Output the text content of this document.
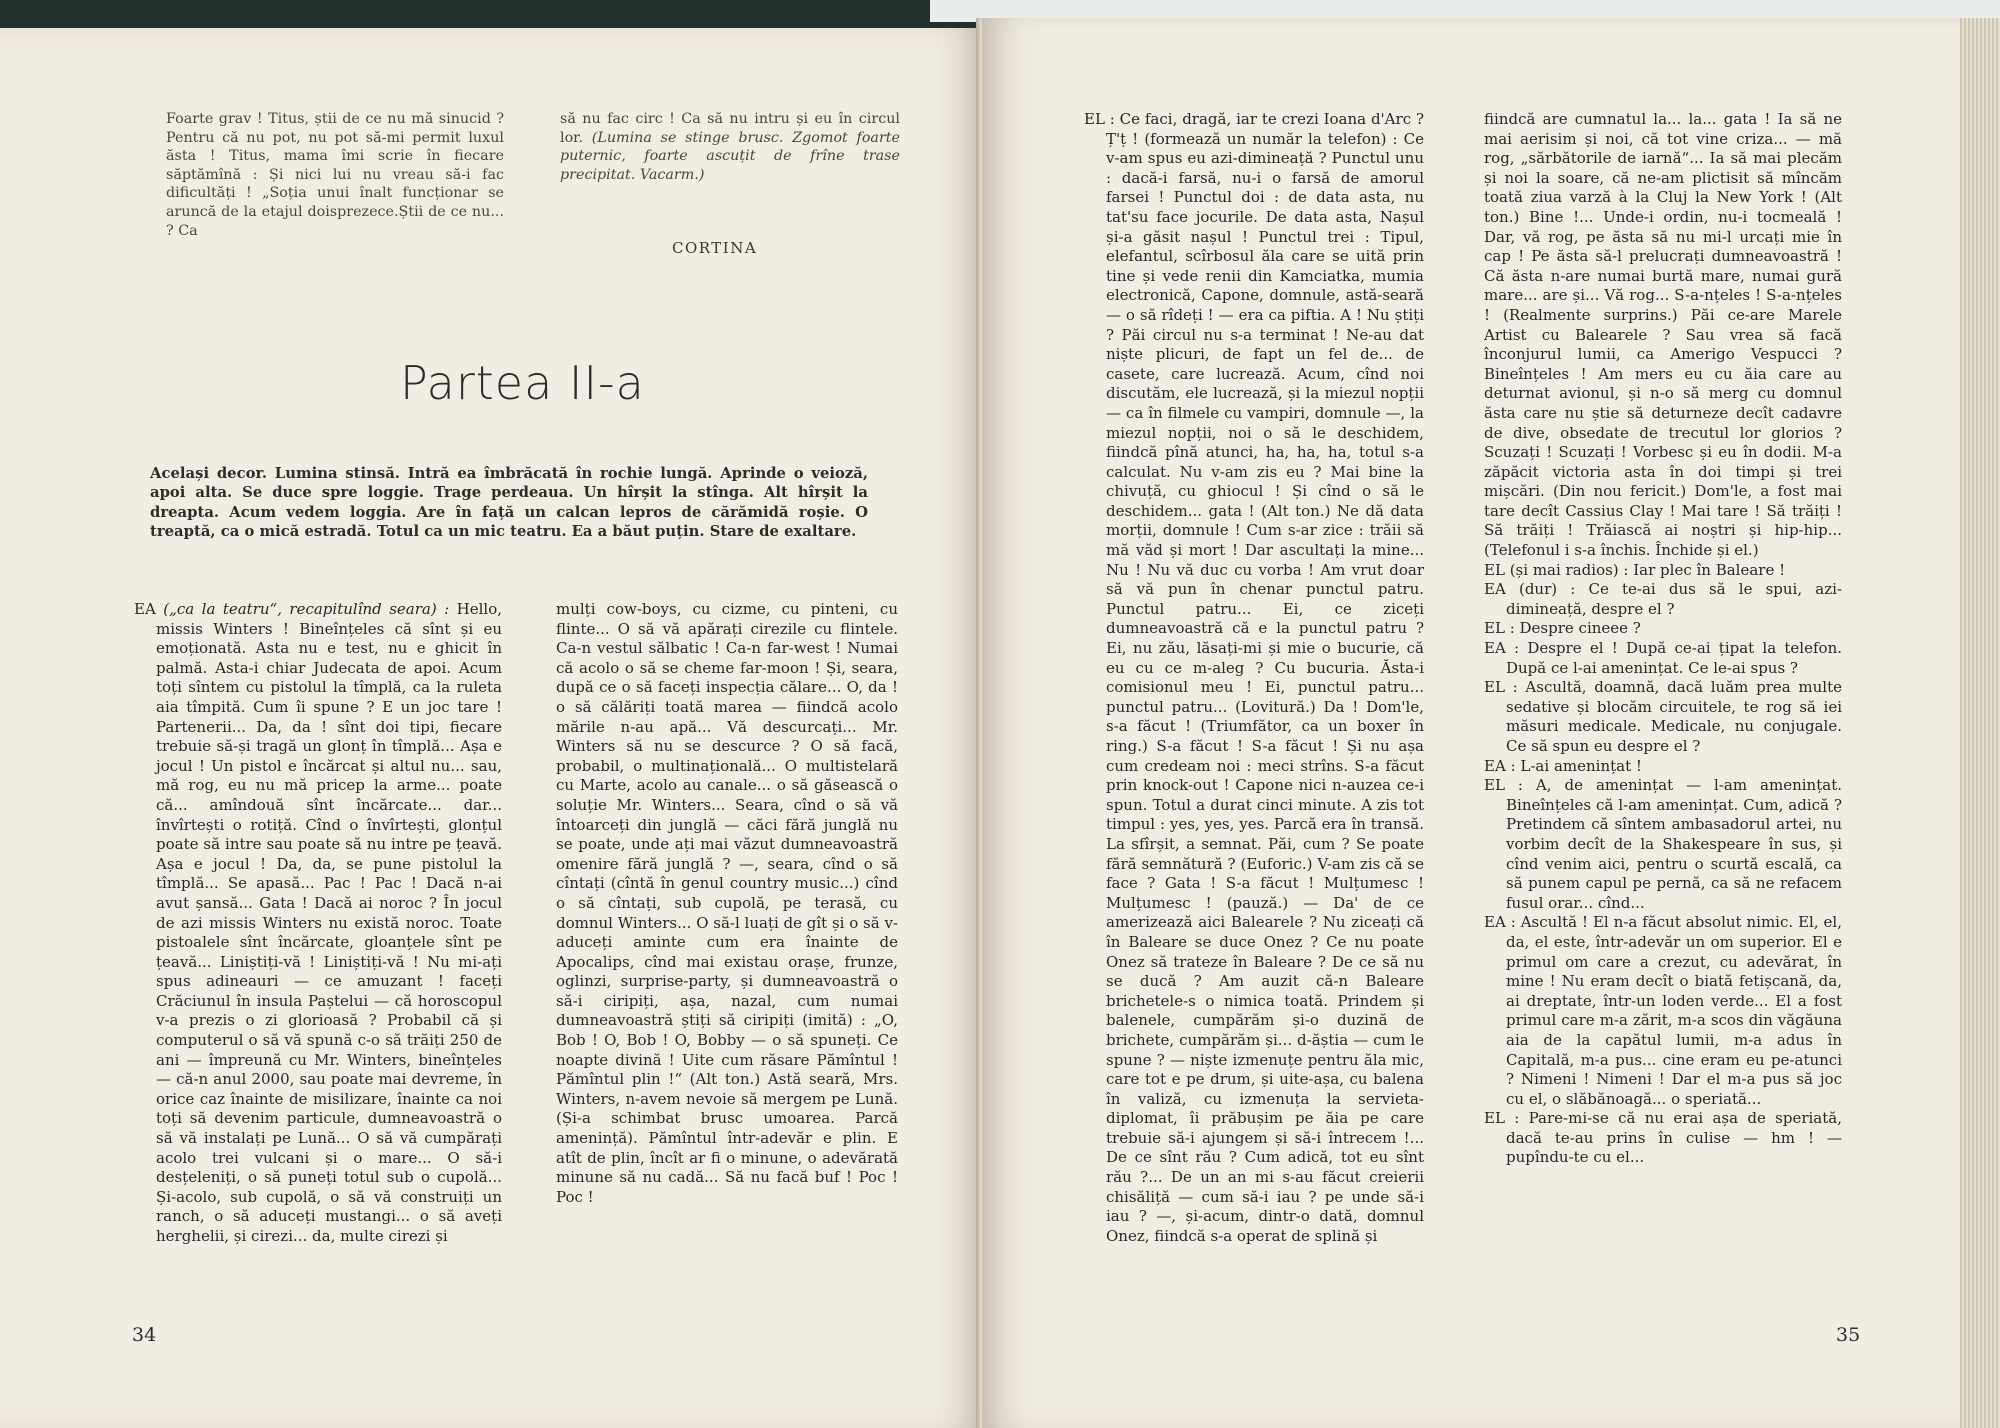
Foarte grav ! Titus, știi de ce nu mă sinucid ? Pentru că nu pot, nu pot să-mi permit luxul ăsta ! Titus, mama îmi scrie în fiecare săptămînă : Și nici lui nu vreau să-i fac dificultăți ! „Soția unui înalt funcționar se aruncă de la etajul doisprezece.Știi de ce nu... ? Ca

să nu fac circ ! Ca să nu intru și eu în circul lor. (Lumina se stinge brusc. Zgomot foarte puternic, foarte ascuțit de frîne trase precipitat. Vacarm.)

CORTINA
Partea II-a
Același decor. Lumina stinsă. Intră ea îmbrăcată în rochie lungă. Aprinde o veioză, apoi alta. Se duce spre loggie. Trage perdeaua. Un hîrșit la stînga. Alt hîrșit la dreapta. Acum vedem loggia. Are în față un calcan lepros de cărămidă roșie. O treaptă, ca o mică estradă. Totul ca un mic teatru. Ea a băut puțin. Stare de exaltare.

EA („ca la teatru“, recapitulînd seara) : Hello, missis Winters ! Bineînțeles că sînt și eu emoționată. Asta nu e test, nu e ghicit în palmă. Asta-i chiar Judecata de apoi. Acum toți sîntem cu pistolul la tîmplă, ca la ruleta aia tîmpită. Cum îi spune ? E un joc tare ! Partenerii... Da, da ! sînt doi tipi, fiecare trebuie să-și tragă un glonț în tîmplă... Așa e jocul ! Un pistol e încărcat și altul nu... sau, mă rog, eu nu mă pricep la arme... poate că... amîndouă sînt încărcate... dar... învîrtești o rotiță. Cînd o învîrtești, glonțul poate să intre sau poate să nu intre pe țeavă. Așa e jocul ! Da, da, se pune pistolul la tîmplă... Se apasă... Pac ! Pac ! Dacă n-ai avut șansă... Gata ! Dacă ai noroc ? În jocul de azi missis Winters nu există noroc. Toate pistoalele sînt încărcate, gloanțele sînt pe țeavă... Liniștiți-vă ! Liniștiți-vă ! Nu mi-ați spus adineauri — ce amuzant ! faceți Crăciunul în insula Paștelui — că horoscopul v-a prezis o zi glorioasă ? Probabil că și computerul o să vă spună c-o să trăiți 250 de ani — împreună cu Mr. Winters, bineînțeles — că-n anul 2000, sau poate mai devreme, în orice caz înainte de misilizare, înainte ca noi toți să devenim particule, dumneavoastră o să vă instalați pe Lună... O să vă cumpărați acolo trei vulcani și o mare... O să-i desțeleniți, o să puneți totul sub o cupolă... Și-acolo, sub cupolă, o să vă construiți un ranch, o să aduceți mustangi... o să aveți herghelii, și cirezi... da, multe cirezi și

mulți cow-boys, cu cizme, cu pinteni, cu flinte... O să vă apărați cirezile cu flintele. Ca-n vestul sălbatic ! Ca-n far-west ! Numai că acolo o să se cheme far-moon ! Și, seara, după ce o să faceți inspecția călare... O, da ! o să călăriți toată marea — fiindcă acolo mările n-au apă... Vă descurcați... Mr. Winters să nu se descurce ? O să facă, probabil, o multinațională... O multistelară cu Marte, acolo au canale... o să găsească o soluție Mr. Winters... Seara, cînd o să vă întoarceți din junglă — căci fără junglă nu se poate, unde ați mai văzut dumneavoastră omenire fără junglă ? —, seara, cînd o să cîntați (cîntă în genul country music...) cînd o să cîntați, sub cupolă, pe terasă, cu domnul Winters... O să-l luați de gît și o să v-aduceți aminte cum era înainte de Apocalips, cînd mai existau orașe, frunze, oglinzi, surprise-party, și dumneavoastră o să-i ciripiți, așa, nazal, cum numai dumneavoastră știți să ciripiți (imită) : „O, Bob ! O, Bob ! O, Bobby — o să spuneți. Ce noapte divină ! Uite cum răsare Pămîntul ! Pămîntul plin !“ (Alt ton.) Astă seară, Mrs. Winters, n-avem nevoie să mergem pe Lună. (Și-a schimbat brusc umoarea. Parcă amenință). Pămîntul într-adevăr e plin. E atît de plin, încît ar fi o minune, o adevărată minune să nu cadă... Să nu facă buf ! Poc ! Poc !

34

EL : Ce faci, dragă, iar te crezi Ioana d'Arc ? Ț'ț ! (formează un număr la telefon) : Ce v-am spus eu azi-dimineață ? Punctul unu : dacă-i farsă, nu-i o farsă de amorul farsei ! Punctul doi : de data asta, nu tat'su face jocurile. De data asta, Nașul și-a găsit nașul ! Punctul trei : Tipul, elefantul, scîrbosul ăla care se uită prin tine și vede renii din Kamciatka, mumia electronică, Capone, domnule, astă-seară — o să rîdeți ! — era ca piftia. A ! Nu știți ? Păi circul nu s-a terminat ! Ne-au dat niște plicuri, de fapt un fel de... de casete, care lucrează. Acum, cînd noi discutăm, ele lucrează, și la miezul nopții — ca în filmele cu vampiri, domnule —, la miezul nopții, noi o să le deschidem, fiindcă pînă atunci, ha, ha, ha, totul s-a calculat. Nu v-am zis eu ? Mai bine la chivuță, cu ghiocul ! Și cînd o să le deschidem... gata ! (Alt ton.) Ne dă data morții, domnule ! Cum s-ar zice : trăii să mă văd și mort ! Dar ascultați la mine... Nu ! Nu vă duc cu vorba ! Am vrut doar să vă pun în chenar punctul patru. Punctul patru... Ei, ce ziceți dumneavoastră că e la punctul patru ? Ei, nu zău, lăsați-mi și mie o bucurie, că eu cu ce m-aleg ? Cu bucuria. Ăsta-i comisionul meu ! Ei, punctul patru... punctul patru... (Lovitură.) Da ! Dom'le, s-a făcut ! (Triumfător, ca un boxer în ring.) S-a făcut ! S-a făcut ! Și nu așa cum credeam noi : meci strîns. S-a făcut prin knock-out ! Capone nici n-auzea ce-i spun. Totul a durat cinci minute. A zis tot timpul : yes, yes, yes. Parcă era în transă. La sfîrșit, a semnat. Păi, cum ? Se poate fără semnătură ? (Euforic.) V-am zis că se face ? Gata ! S-a făcut ! Mulțumesc ! Mulțumesc ! (pauză.) — Da' de ce amerizează aici Balearele ? Nu ziceați că în Baleare se duce Onez ? Ce nu poate Onez să trateze în Baleare ? De ce să nu se ducă ? Am auzit că-n Baleare brichetele-s o nimica toată. Prindem și balenele, cumpărăm și-o duzină de brichete, cumpărăm și... d-ăștia — cum le spune ? — niște izmenuțe pentru ăla mic, care tot e pe drum, și uite-așa, cu balena în valiză, cu izmenuța la servieta-diplomat, îi prăbușim pe ăia pe care trebuie să-i ajungem și să-i întrecem !... De ce sînt rău ? Cum adică, tot eu sînt rău ?... De un an mi s-au făcut creierii chisăliță — cum să-i iau ? pe unde să-i iau ? —, și-acum, dintr-o dată, domnul Onez, fiindcă s-a operat de splină și

fiindcă are cumnatul la... la... gata ! Ia să ne mai aerisim și noi, că tot vine criza... — mă rog, „sărbătorile de iarnă“... Ia să mai plecăm și noi la soare, că ne-am plictisit să mîncăm toată ziua varză à la Cluj la New York ! (Alt ton.) Bine !... Unde-i ordin, nu-i tocmeală ! Dar, vă rog, pe ăsta să nu mi-l urcați mie în cap ! Pe ăsta să-l prelucrați dumneavoastră ! Că ăsta n-are numai burtă mare, numai gură mare... are și... Vă rog... S-a-nțeles ! S-a-nțeles ! (Realmente surprins.) Păi ce-are Marele Artist cu Balearele ? Sau vrea să facă înconjurul lumii, ca Amerigo Vespucci ? Bineînțeles ! Am mers eu cu ăia care au deturnat avionul, și n-o să merg cu domnul ăsta care nu știe să deturneze decît cadavre de dive, obsedate de trecutul lor glorios ? Scuzați ! Scuzați ! Vorbesc și eu în dodii. M-a zăpăcit victoria asta în doi timpi și trei mișcări. (Din nou fericit.) Dom'le, a fost mai tare decît Cassius Clay ! Mai tare ! Să trăiți ! Să trăiți ! Trăiască ai noștri și hip-hip... (Telefonul i s-a închis. Închide și el.)

EL (și mai radios) : Iar plec în Baleare !

EA (dur) : Ce te-ai dus să le spui, azi-dimineață, despre el ?

EL : Despre cineee ?

EA : Despre el ! După ce-ai țipat la telefon. După ce l-ai amenințat. Ce le-ai spus ?

EL : Ascultă, doamnă, dacă luăm prea multe sedative și blocăm circuitele, te rog să iei măsuri medicale. Medicale, nu conjugale. Ce să spun eu despre el ?

EA : L-ai amenințat !

EL : A, de amenințat — l-am amenințat. Bineînțeles că l-am amenințat. Cum, adică ? Pretindem că sîntem ambasadorul artei, nu vorbim decît de la Shakespeare în sus, și cînd venim aici, pentru o scurtă escală, ca să punem capul pe pernă, ca să ne refacem fusul orar... cînd...

EA : Ascultă ! El n-a făcut absolut nimic. El, el, da, el este, într-adevăr un om superior. El e primul om care a crezut, cu adevărat, în mine ! Nu eram decît o biată fetișcană, da, ai dreptate, într-un loden verde... El a fost primul care m-a zărit, m-a scos din văgăuna aia de la capătul lumii, m-a adus în Capitală, m-a pus... cine eram eu pe-atunci ? Nimeni ! Nimeni ! Dar el m-a pus să joc cu el, o slăbănoagă... o speriată...

EL : Pare-mi-se că nu erai așa de speriată, dacă te-au prins în culise — hm ! — pupîndu-te cu el...

35
